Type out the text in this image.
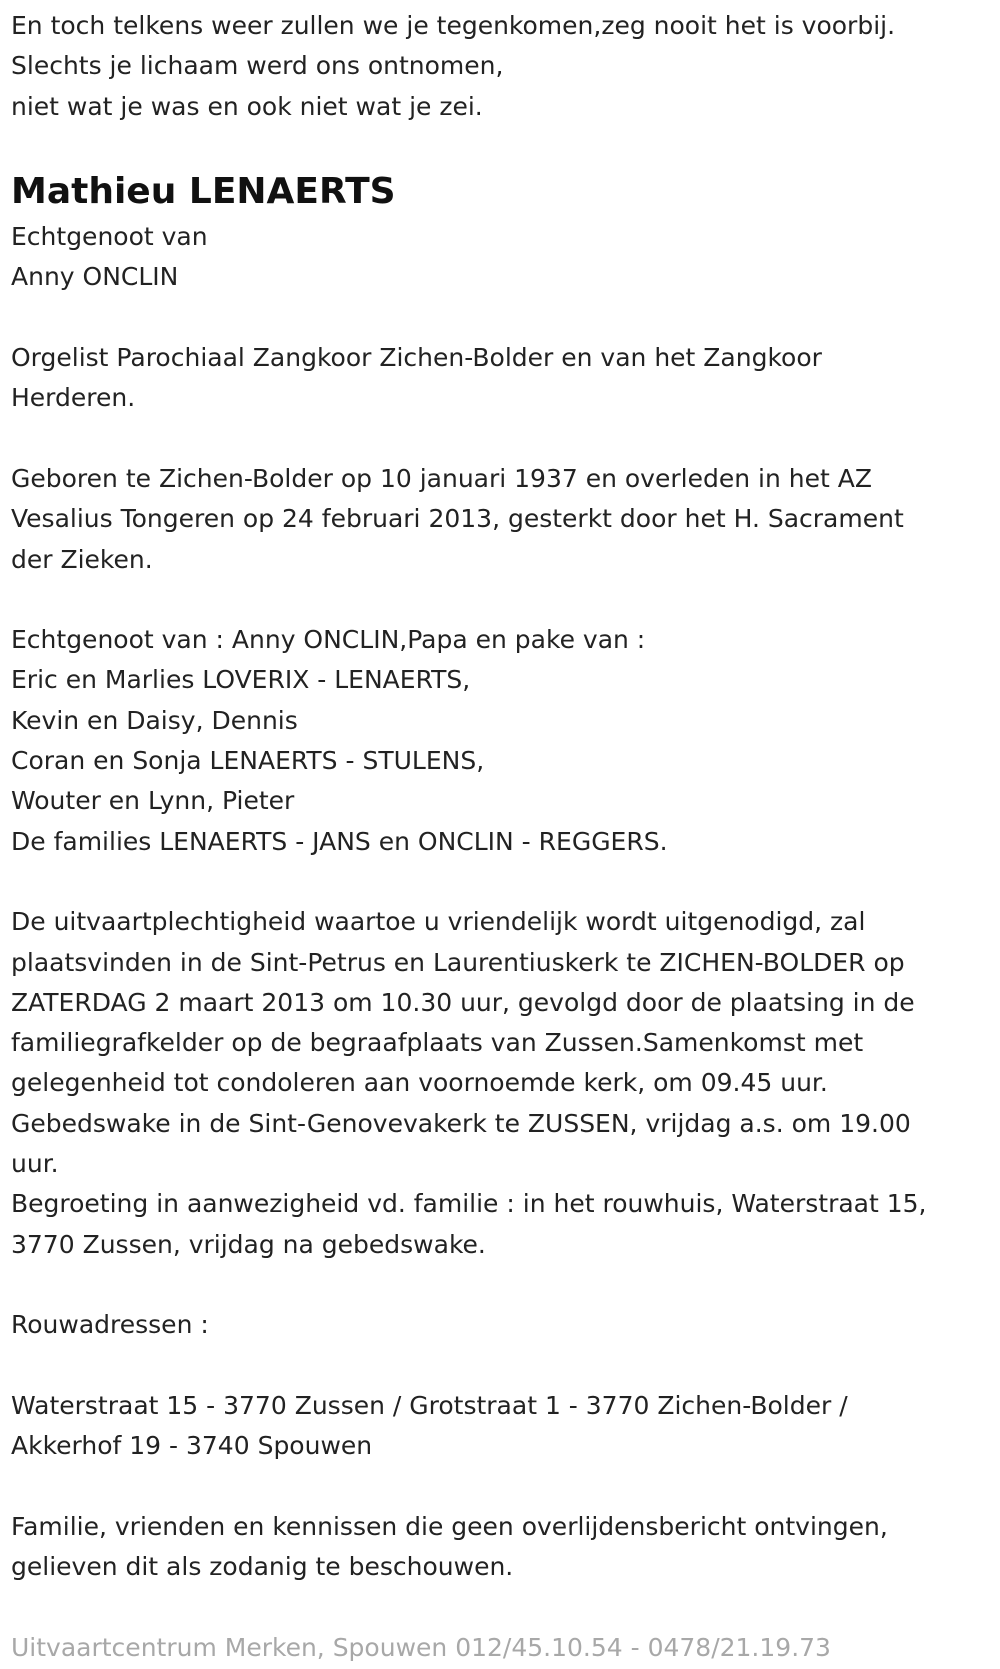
En toch telkens weer zullen we je tegenkomen,zeg nooit het is voorbij.

Slechts je lichaam werd ons ontnomen,

niet wat je was en ook niet wat je zei.

Mathieu LENAERTS

Echtgenoot van

Anny ONCLIN

Orgelist Parochiaal Zangkoor Zichen-Bolder en van het Zangkoor

Herderen.

Geboren te Zichen-Bolder op 10 januari 1937 en overleden in het AZ

Vesalius Tongeren op 24 februari 2013, gesterkt door het H. Sacrament

der Zieken.

Echtgenoot van : Anny ONCLIN,Papa en pake van :

Eric en Marlies LOVERIX - LENAERTS,

Kevin en Daisy, Dennis

Coran en Sonja LENAERTS - STULENS,

Wouter en Lynn, Pieter

De families LENAERTS - JANS en ONCLIN - REGGERS.

De uitvaartplechtigheid waartoe u vriendelijk wordt uitgenodigd, zal

plaatsvinden in de Sint-Petrus en Laurentiuskerk te ZICHEN-BOLDER op

ZATERDAG 2 maart 2013 om 10.30 uur, gevolgd door de plaatsing in de

familiegrafkelder op de begraafplaats van Zussen.Samenkomst met

gelegenheid tot condoleren aan voornoemde kerk, om 09.45 uur.

Gebedswake in de Sint-Genovevakerk te ZUSSEN, vrijdag a.s. om 19.00

uur.

Begroeting in aanwezigheid vd. familie : in het rouwhuis, Waterstraat 15,

3770 Zussen, vrijdag na gebedswake.

Rouwadressen :

Waterstraat 15 - 3770 Zussen / Grotstraat 1 - 3770 Zichen-Bolder /

Akkerhof 19 - 3740 Spouwen

Familie, vrienden en kennissen die geen overlijdensbericht ontvingen,

gelieven dit als zodanig te beschouwen.

Uitvaartcentrum Merken, Spouwen 012/45.10.54 - 0478/21.19.73
